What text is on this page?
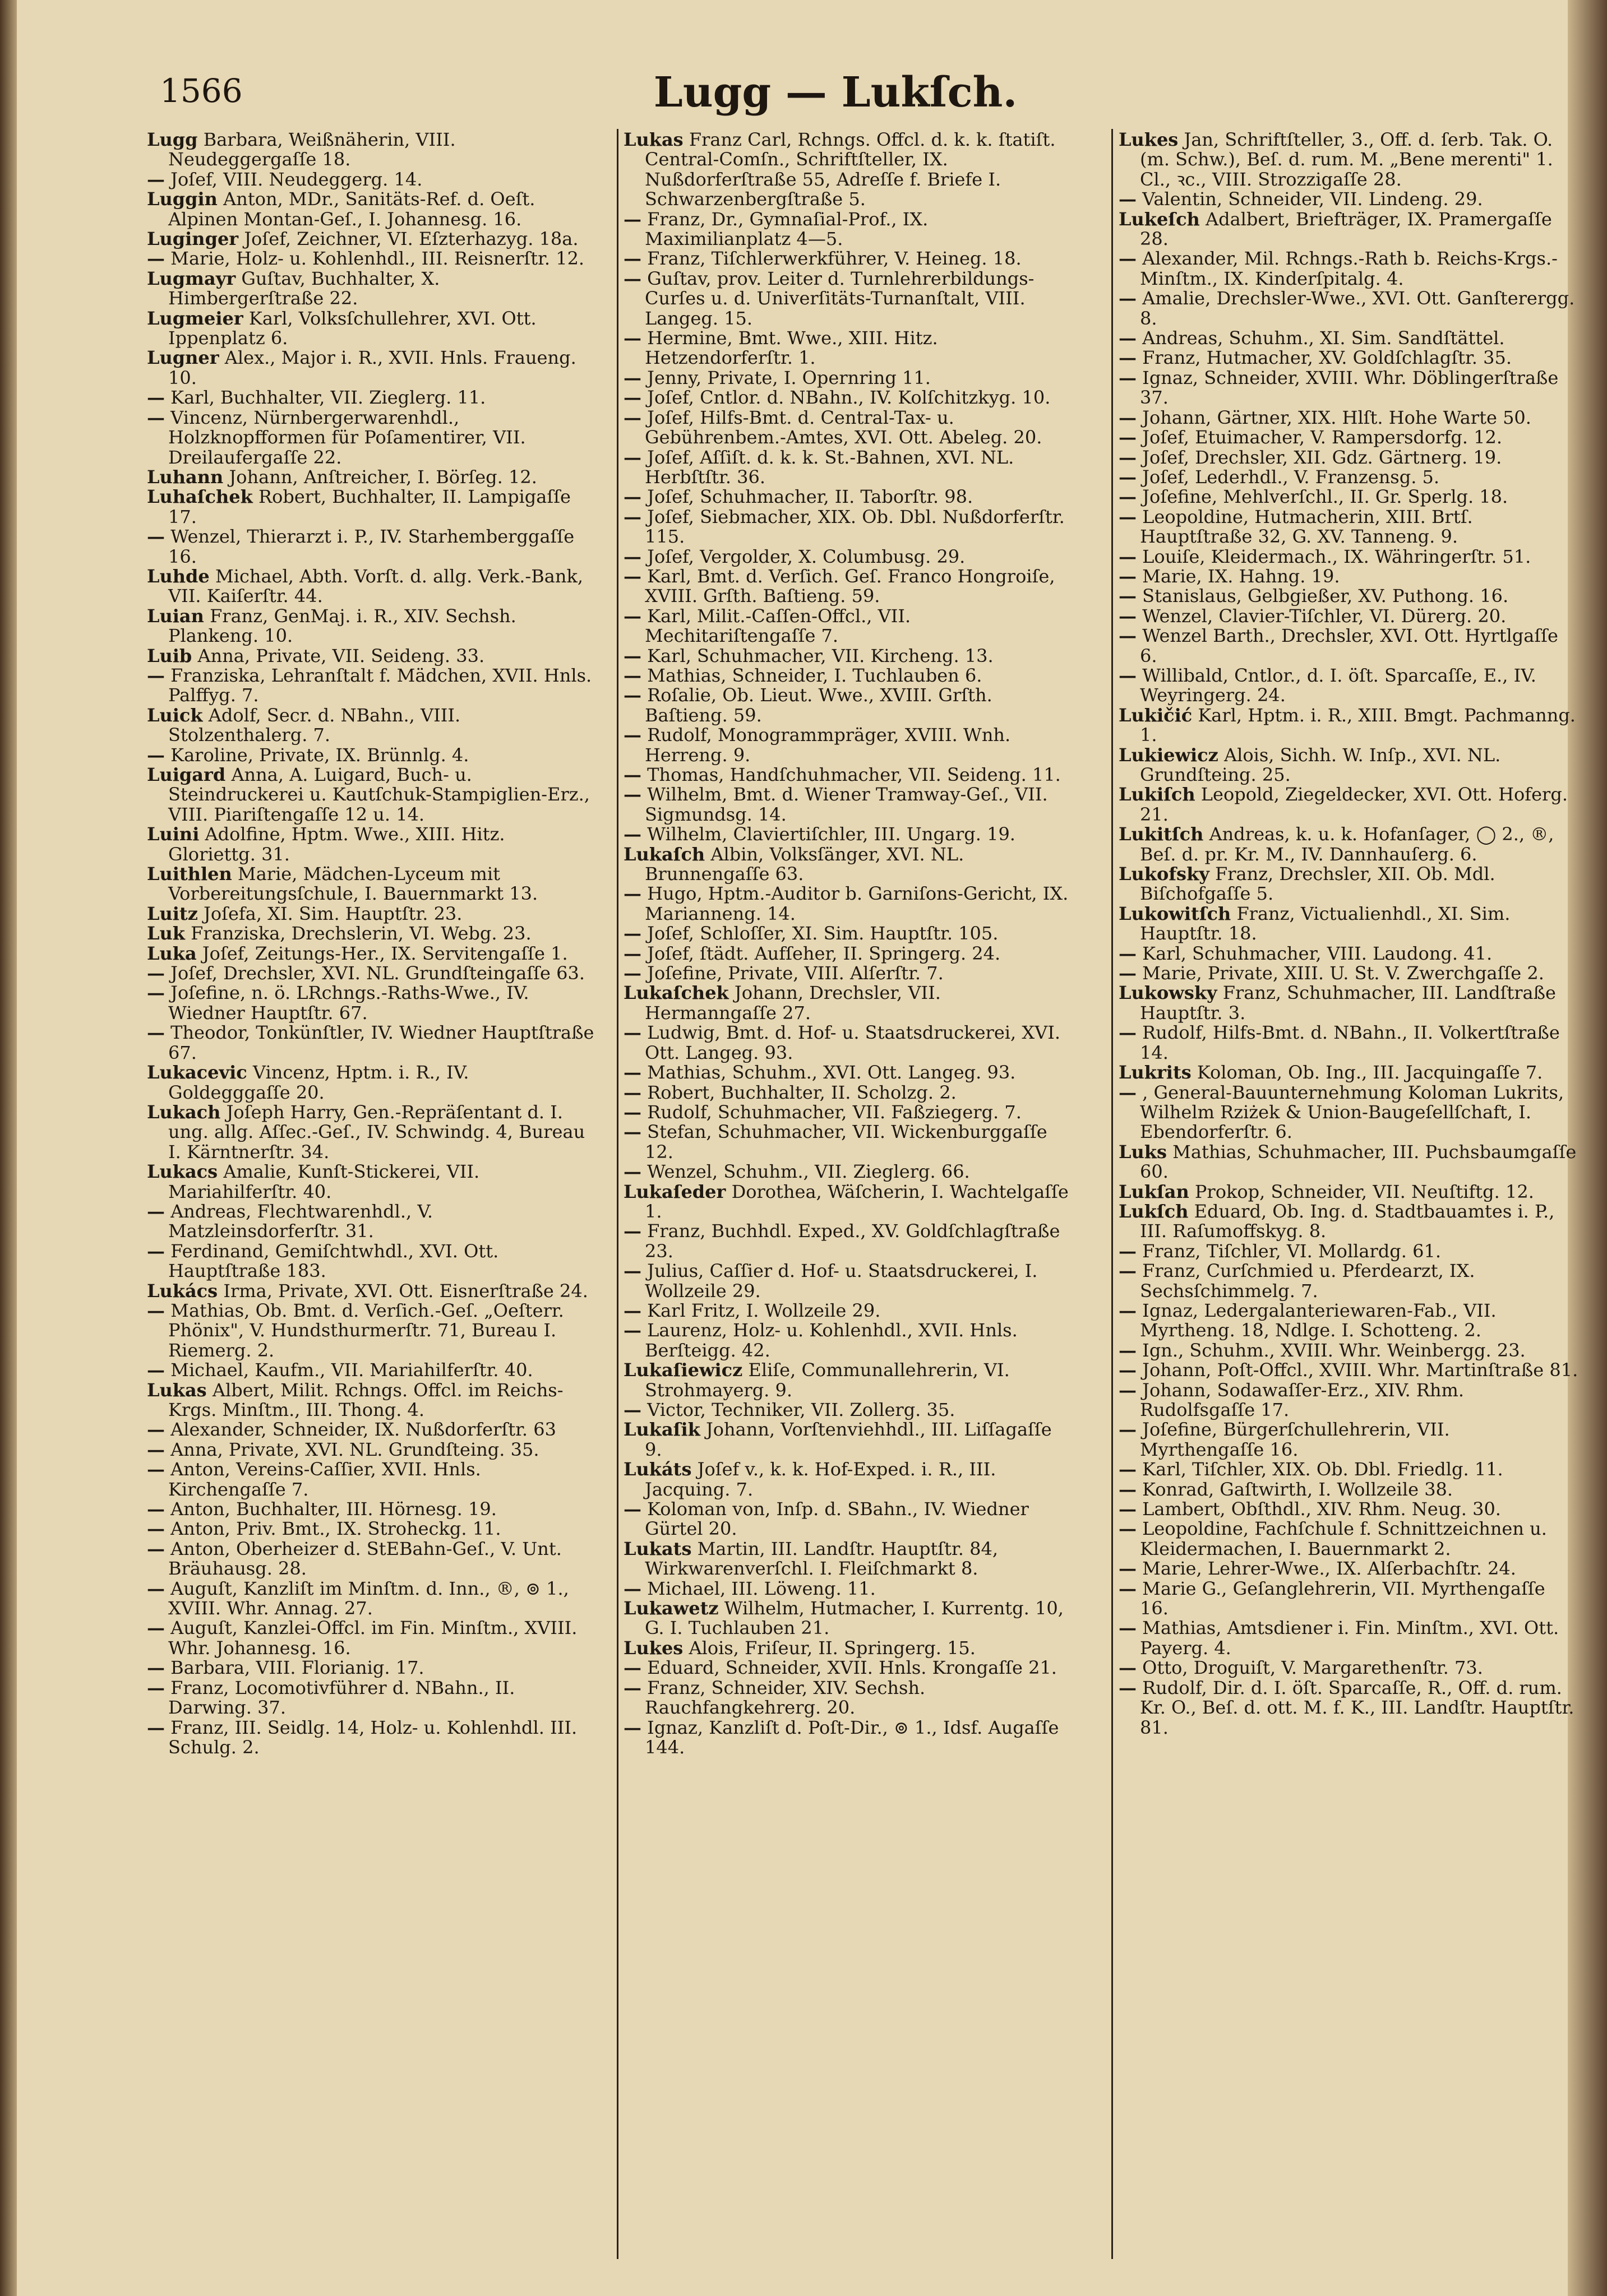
1566	Lugg — Lukſch.
Lugg Barbara, Weißnäherin, VIII. Neudeggergaſſe 18.
— Joſef, VIII. Neudeggerg. 14.
Luggin Anton, MDr., Sanitäts-Ref. d. Oeſt. Alpinen Montan-Geſ., I. Johannesg. 16.
Luginger Joſef, Zeichner, VI. Eſzterhazyg. 18a.
— Marie, Holz- u. Kohlenhdl., III. Reisnerſtr. 12.
Lugmayr Guſtav, Buchhalter, X. Himbergerſtraße 22.
Lugmeier Karl, Volksſchullehrer, XVI. Ott. Ippenplatz 6.
Lugner Alex., Major i. R., XVII. Hnls. Fraueng. 10.
— Karl, Buchhalter, VII. Zieglerg. 11.
— Vincenz, Nürnbergerwarenhdl., Holzknopfformen für Poſamentirer, VII. Dreilaufergaſſe 22.
Luhann Johann, Anſtreicher, I. Börſeg. 12.
Luhaſchek Robert, Buchhalter, II. Lampigaſſe 17.
— Wenzel, Thierarzt i. P., IV. Starhemberggaſſe 16.
Luhde Michael, Abth. Vorſt. d. allg. Verk.-Bank, VII. Kaiſerſtr. 44.
Luian Franz, GenMaj. i. R., XIV. Sechsh. Plankeng. 10.
Luib Anna, Private, VII. Seideng. 33.
— Franziska, Lehranſtalt f. Mädchen, XVII. Hnls. Palffyg. 7.
Luick Adolf, Secr. d. NBahn., VIII. Stolzenthalerg. 7.
— Karoline, Private, IX. Brünnlg. 4.
Luigard Anna, A. Luigard, Buch- u. Steindruckerei u. Kautſchuk-Stampiglien-Erz., VIII. Piariſtengaſſe 12 u. 14.
Luini Adolfine, Hptm. Wwe., XIII. Hitz. Gloriettg. 31.
Luithlen Marie, Mädchen-Lyceum mit Vorbereitungsſchule, I. Bauernmarkt 13.
Luitz Joſefa, XI. Sim. Hauptſtr. 23.
Luk Franziska, Drechslerin, VI. Webg. 23.
Luka Joſef, Zeitungs-Her., IX. Servitengaſſe 1.
— Joſef, Drechsler, XVI. NL. Grundſteingaſſe 63.
— Joſefine, n. ö. LRchngs.-Raths-Wwe., IV. Wiedner Hauptſtr. 67.
— Theodor, Tonkünſtler, IV. Wiedner Hauptſtraße 67.
Lukacevic Vincenz, Hptm. i. R., IV. Goldegggaſſe 20.
Lukach Joſeph Harry, Gen.-Repräſentant d. I. ung. allg. Aſſec.-Geſ., IV. Schwindg. 4, Bureau I. Kärntnerſtr. 34.
Lukacs Amalie, Kunſt-Stickerei, VII. Mariahilferſtr. 40.
— Andreas, Flechtwarenhdl., V. Matzleinsdorferſtr. 31.
— Ferdinand, Gemiſchtwhdl., XVI. Ott. Hauptſtraße 183.
Lukács Irma, Private, XVI. Ott. Eisnerſtraße 24.
— Mathias, Ob. Bmt. d. Verſich.-Geſ. „Oeſterr. Phönix", V. Hundsthurmerſtr. 71, Bureau I. Riemerg. 2.
— Michael, Kaufm., VII. Mariahilferſtr. 40.
Lukas Albert, Milit. Rchngs. Offcl. im Reichs-Krgs. Minſtm., III. Thong. 4.
— Alexander, Schneider, IX. Nußdorferſtr. 63
— Anna, Private, XVI. NL. Grundſteing. 35.
— Anton, Vereins-Caſſier, XVII. Hnls. Kirchengaſſe 7.
— Anton, Buchhalter, III. Hörnesg. 19.
— Anton, Priv. Bmt., IX. Stroheckg. 11.
— Anton, Oberheizer d. StEBahn-Geſ., V. Unt. Bräuhausg. 28.
— Auguſt, Kanzliſt im Minſtm. d. Inn., ®, ⊚ 1., XVIII. Whr. Annag. 27.
— Auguſt, Kanzlei-Offcl. im Fin. Minſtm., XVIII. Whr. Johannesg. 16.
— Barbara, VIII. Florianig. 17.
— Franz, Locomotivführer d. NBahn., II. Darwing. 37.
— Franz, III. Seidlg. 14, Holz- u. Kohlenhdl. III. Schulg. 2.
Lukas Franz Carl, Rchngs. Offcl. d. k. k. ſtatiſt. Central-Comſn., Schriftſteller, IX. Nußdorferſtraße 55, Adreſſe f. Briefe I. Schwarzenbergſtraße 5.
— Franz, Dr., Gymnaſial-Prof., IX. Maximilianplatz 4—5.
— Franz, Tiſchlerwerkführer, V. Heineg. 18.
— Guſtav, prov. Leiter d. Turnlehrerbildungs-Curſes u. d. Univerſitäts-Turnanſtalt, VIII. Langeg. 15.
— Hermine, Bmt. Wwe., XIII. Hitz. Hetzendorferſtr. 1.
— Jenny, Private, I. Opernring 11.
— Joſef, Cntlor. d. NBahn., IV. Kolſchitzkyg. 10.
— Joſef, Hilfs-Bmt. d. Central-Tax- u. Gebührenbem.-Amtes, XVI. Ott. Abeleg. 20.
— Joſef, Aſſiſt. d. k. k. St.-Bahnen, XVI. NL. Herbſtſtr. 36.
— Joſef, Schuhmacher, II. Taborſtr. 98.
— Joſef, Siebmacher, XIX. Ob. Dbl. Nußdorferſtr. 115.
— Joſef, Vergolder, X. Columbusg. 29.
— Karl, Bmt. d. Verſich. Geſ. Franco Hongroiſe, XVIII. Grſth. Baſtieng. 59.
— Karl, Milit.-Caſſen-Offcl., VII. Mechitariſtengaſſe 7.
— Karl, Schuhmacher, VII. Kircheng. 13.
— Mathias, Schneider, I. Tuchlauben 6.
— Roſalie, Ob. Lieut. Wwe., XVIII. Grſth. Baſtieng. 59.
— Rudolf, Monogrammpräger, XVIII. Wnh. Herreng. 9.
— Thomas, Handſchuhmacher, VII. Seideng. 11.
— Wilhelm, Bmt. d. Wiener Tramway-Geſ., VII. Sigmundsg. 14.
— Wilhelm, Claviertiſchler, III. Ungarg. 19.
Lukaſch Albin, Volksſänger, XVI. NL. Brunnengaſſe 63.
— Hugo, Hptm.-Auditor b. Garniſons-Gericht, IX. Marianneng. 14.
— Joſef, Schloſſer, XI. Sim. Hauptſtr. 105.
— Joſef, ſtädt. Aufſeher, II. Springerg. 24.
— Joſefine, Private, VIII. Alſerſtr. 7.
Lukaſchek Johann, Drechsler, VII. Hermanngaſſe 27.
— Ludwig, Bmt. d. Hof- u. Staatsdruckerei, XVI. Ott. Langeg. 93.
— Mathias, Schuhm., XVI. Ott. Langeg. 93.
— Robert, Buchhalter, II. Scholzg. 2.
— Rudolf, Schuhmacher, VII. Faßziegerg. 7.
— Stefan, Schuhmacher, VII. Wickenburggaſſe 12.
— Wenzel, Schuhm., VII. Zieglerg. 66.
Lukaſeder Dorothea, Wäſcherin, I. Wachtelgaſſe 1.
— Franz, Buchhdl. Exped., XV. Goldſchlagſtraße 23.
— Julius, Caſſier d. Hof- u. Staatsdruckerei, I. Wollzeile 29.
— Karl Fritz, I. Wollzeile 29.
— Laurenz, Holz- u. Kohlenhdl., XVII. Hnls. Berſteigg. 42.
Lukaſiewicz Eliſe, Communallehrerin, VI. Strohmayerg. 9.
— Victor, Techniker, VII. Zollerg. 35.
Lukaſik Johann, Vorſtenviehhdl., III. Liſſagaſſe 9.
Lukáts Joſef v., k. k. Hof-Exped. i. R., III. Jacquing. 7.
— Koloman von, Inſp. d. SBahn., IV. Wiedner Gürtel 20.
Lukats Martin, III. Landſtr. Hauptſtr. 84, Wirkwarenverſchl. I. Fleiſchmarkt 8.
— Michael, III. Löweng. 11.
Lukawetz Wilhelm, Hutmacher, I. Kurrentg. 10, G. I. Tuchlauben 21.
Lukes Alois, Friſeur, II. Springerg. 15.
— Eduard, Schneider, XVII. Hnls. Krongaſſe 21.
— Franz, Schneider, XIV. Sechsh. Rauchfangkehrerg. 20.
— Ignaz, Kanzliſt d. Poſt-Dir., ⊚ 1., Idsf. Augaſſe 144.
Lukes Jan, Schriftſteller, 3., Off. d. ſerb. Tak. O. (m. Schw.), Beſ. d. rum. M. „Bene merenti" 1. Cl., ꝛc., VIII. Strozzigaſſe 28.
— Valentin, Schneider, VII. Lindeng. 29.
Lukeſch Adalbert, Briefträger, IX. Pramergaſſe 28.
— Alexander, Mil. Rchngs.-Rath b. Reichs-Krgs.-Minſtm., IX. Kinderſpitalg. 4.
— Amalie, Drechsler-Wwe., XVI. Ott. Ganſterergg. 8.
— Andreas, Schuhm., XI. Sim. Sandſtättel.
— Franz, Hutmacher, XV. Goldſchlagſtr. 35.
— Ignaz, Schneider, XVIII. Whr. Döblingerſtraße 37.
— Johann, Gärtner, XIX. Hlſt. Hohe Warte 50.
— Joſef, Etuimacher, V. Rampersdorfg. 12.
— Joſef, Drechsler, XII. Gdz. Gärtnerg. 19.
— Joſef, Lederhdl., V. Franzensg. 5.
— Joſefine, Mehlverſchl., II. Gr. Sperlg. 18.
— Leopoldine, Hutmacherin, XIII. Brtſ. Hauptſtraße 32, G. XV. Tanneng. 9.
— Louiſe, Kleidermach., IX. Währingerſtr. 51.
— Marie, IX. Hahng. 19.
— Stanislaus, Gelbgießer, XV. Puthong. 16.
— Wenzel, Clavier-Tiſchler, VI. Dürerg. 20.
— Wenzel Barth., Drechsler, XVI. Ott. Hyrtlgaſſe 6.
— Willibald, Cntlor., d. I. öſt. Sparcaſſe, E., IV. Weyringerg. 24.
Lukičić Karl, Hptm. i. R., XIII. Bmgt. Pachmanng. 1.
Lukiewicz Alois, Sichh. W. Inſp., XVI. NL. Grundſteing. 25.
Lukiſch Leopold, Ziegeldecker, XVI. Ott. Hoferg. 21.
Lukitſch Andreas, k. u. k. Hofanſager, ◯ 2., ®, Beſ. d. pr. Kr. M., IV. Dannhauſerg. 6.
Lukofsky Franz, Drechsler, XII. Ob. Mdl. Biſchofgaſſe 5.
Lukowitſch Franz, Victualienhdl., XI. Sim. Hauptſtr. 18.
— Karl, Schuhmacher, VIII. Laudong. 41.
— Marie, Private, XIII. U. St. V. Zwerchgaſſe 2.
Lukowsky Franz, Schuhmacher, III. Landſtraße Hauptſtr. 3.
— Rudolf, Hilfs-Bmt. d. NBahn., II. Volkertſtraße 14.
Lukrits Koloman, Ob. Ing., III. Jacquingaſſe 7.
— , General-Bauunternehmung Koloman Lukrits, Wilhelm Rziżek & Union-Baugeſellſchaft, I. Ebendorferſtr. 6.
Luks Mathias, Schuhmacher, III. Puchsbaumgaſſe 60.
Lukſan Prokop, Schneider, VII. Neuſtiftg. 12.
Lukſch Eduard, Ob. Ing. d. Stadtbauamtes i. P., III. Raſumoffskyg. 8.
— Franz, Tiſchler, VI. Mollardg. 61.
— Franz, Curſchmied u. Pferdearzt, IX. Sechsſchimmelg. 7.
— Ignaz, Ledergalanteriewaren-Fab., VII. Myrtheng. 18, Ndlge. I. Schotteng. 2.
— Ign., Schuhm., XVIII. Whr. Weinbergg. 23.
— Johann, Poſt-Offcl., XVIII. Whr. Martinſtraße 81.
— Johann, Sodawaſſer-Erz., XIV. Rhm. Rudolfsgaſſe 17.
— Joſefine, Bürgerſchullehrerin, VII. Myrthengaſſe 16.
— Karl, Tiſchler, XIX. Ob. Dbl. Friedlg. 11.
— Konrad, Gaſtwirth, I. Wollzeile 38.
— Lambert, Obſthdl., XIV. Rhm. Neug. 30.
— Leopoldine, Fachſchule f. Schnittzeichnen u. Kleidermachen, I. Bauernmarkt 2.
— Marie, Lehrer-Wwe., IX. Alſerbachſtr. 24.
— Marie G., Geſanglehrerin, VII. Myrthengaſſe 16.
— Mathias, Amtsdiener i. Fin. Minſtm., XVI. Ott. Payerg. 4.
— Otto, Droguiſt, V. Margarethenſtr. 73.
— Rudolf, Dir. d. I. öſt. Sparcaſſe, R., Off. d. rum. Kr. O., Beſ. d. ott. M. f. K., III. Landſtr. Hauptſtr. 81.
